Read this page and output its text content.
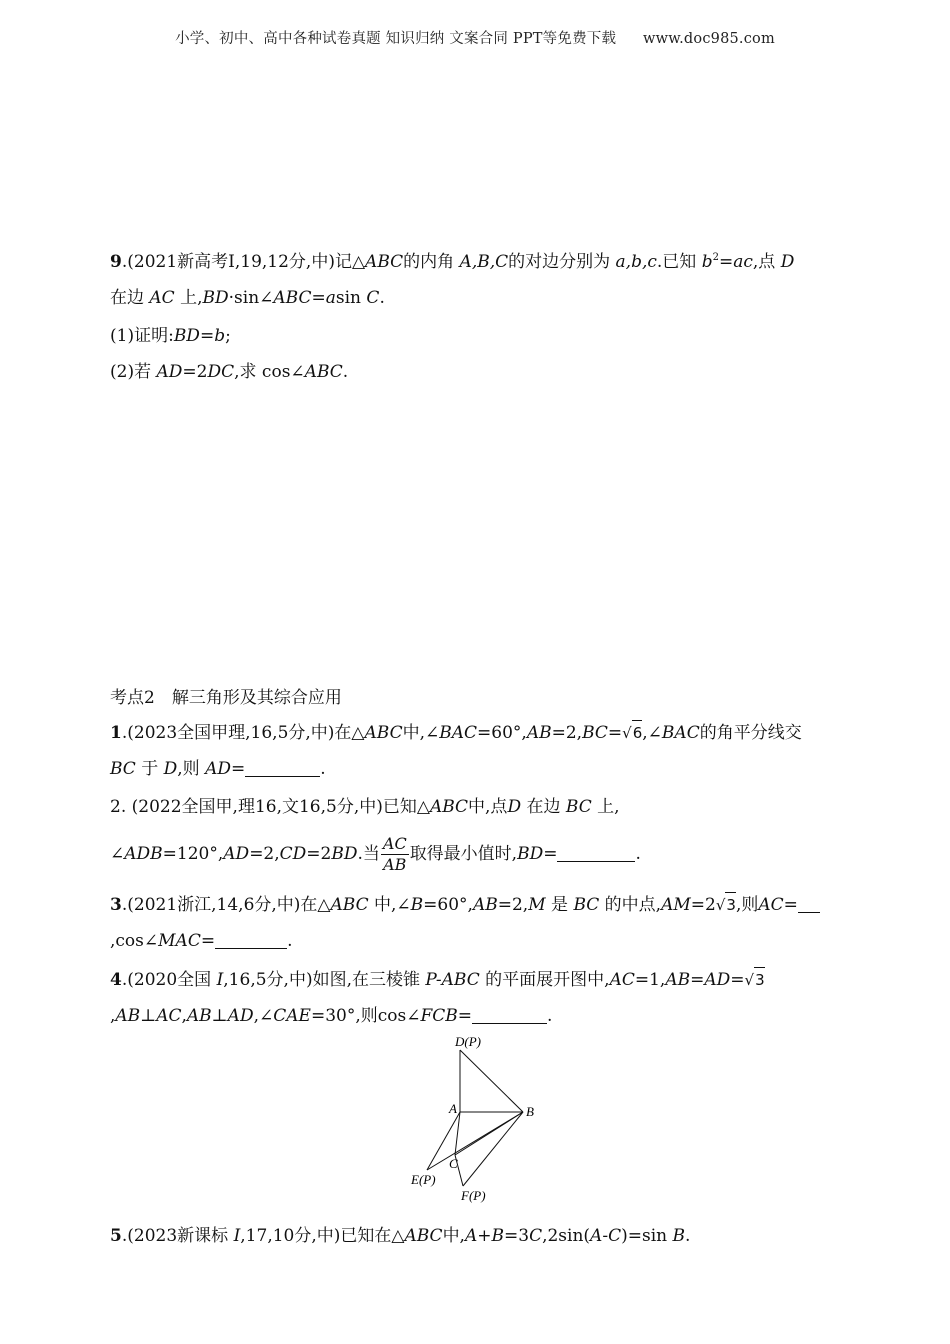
小学、初中、高中各种试卷真题 知识归纳 文案合同 PPT等免费下载 www.doc985.com
9.(2021新高考Ⅰ,19,12分,中)记△ABC的内角 A,B,C的对边分别为 a,b,c.已知 $b^2=ac$,点 D
在边 AC 上,BD·sin∠ABC=asin C.
(1)证明:BD=b;
(2)若 AD=2DC,求 cos∠ABC.
考点2　解三角形及其综合应用
1.(2023全国甲理,16,5分,中)在△ABC中,∠BAC=60°,AB=2,BC=√6,∠BAC的角平分线交
BC 于 D,则 AD=	.
2. (2022全国甲,理16,文16,5分,中)已知△ABC中,点D 在边 BC 上,
∠ADB=120°,AD=2,CD=2BD.当 $\frac{AC}{AB}$ 取得最小值时,BD=	.
3.(2021浙江,14,6分,中)在△ABC 中,∠B=60°,AB=2,M 是 BC 的中点,AM=2√3,则AC=
,cos∠MAC=	.
4.(2020全国 Ⅰ,16,5分,中)如图,在三棱锥 P-ABC 的平面展开图中,AC=1,AB=AD=√3
,AB⊥AC,AB⊥AD,∠CAE=30°,则cos∠FCB=	.
D(P)
A	B
C
E(P)
F(P)
5.(2023新课标 Ⅰ,17,10分,中)已知在△ABC中,A+B=3C,2sin(A-C)=sin B.
